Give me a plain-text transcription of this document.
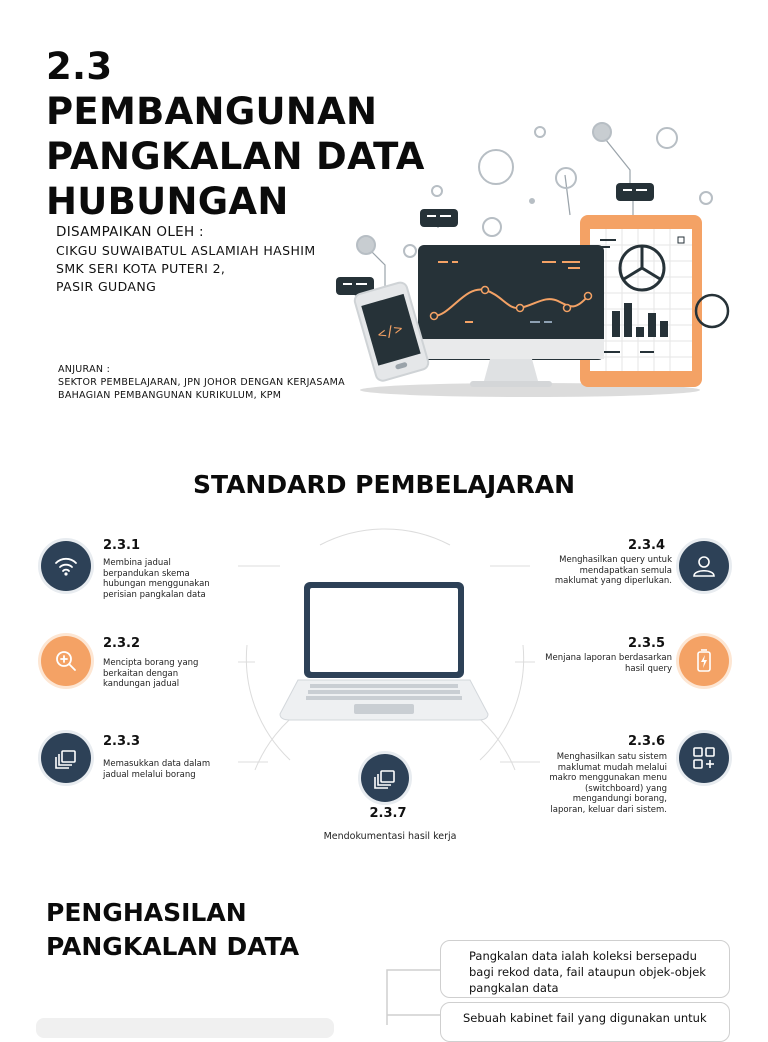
2.3 PEMBANGUNAN
PANGKALAN DATA
HUBUNGAN
DISAMPAIKAN OLEH :
CIKGU SUWAIBATUL ASLAMIAH HASHIM
SMK SERI KOTA PUTERI 2,
PASIR GUDANG
ANJURAN :
SEKTOR PEMBELAJARAN, JPN JOHOR DENGAN KERJASAMA
BAHAGIAN PEMBANGUNAN KURIKULUM, KPM
</>
STANDARD PEMBELAJARAN
2.3.1
Membina jadual berpandukan skema hubungan menggunakan perisian pangkalan data
2.3.2
Mencipta borang yang berkaitan dengan kandungan jadual
2.3.3
Memasukkan data dalam jadual melalui borang
2.3.4
Menghasilkan query untuk mendapatkan semula maklumat yang diperlukan.
2.3.5
Menjana laporan berdasarkan hasil query
2.3.6
Menghasilkan satu sistem maklumat mudah melalui makro menggunakan menu (switchboard) yang mengandungi borang, laporan, keluar dari sistem.
2.3.7
Mendokumentasi hasil kerja
PENGHASILAN
PANGKALAN DATA	Pangkalan data ialah koleksi bersepadu bagi rekod data, fail ataupun objek-objek pangkalan data
Sebuah kabinet fail yang digunakan untuk
